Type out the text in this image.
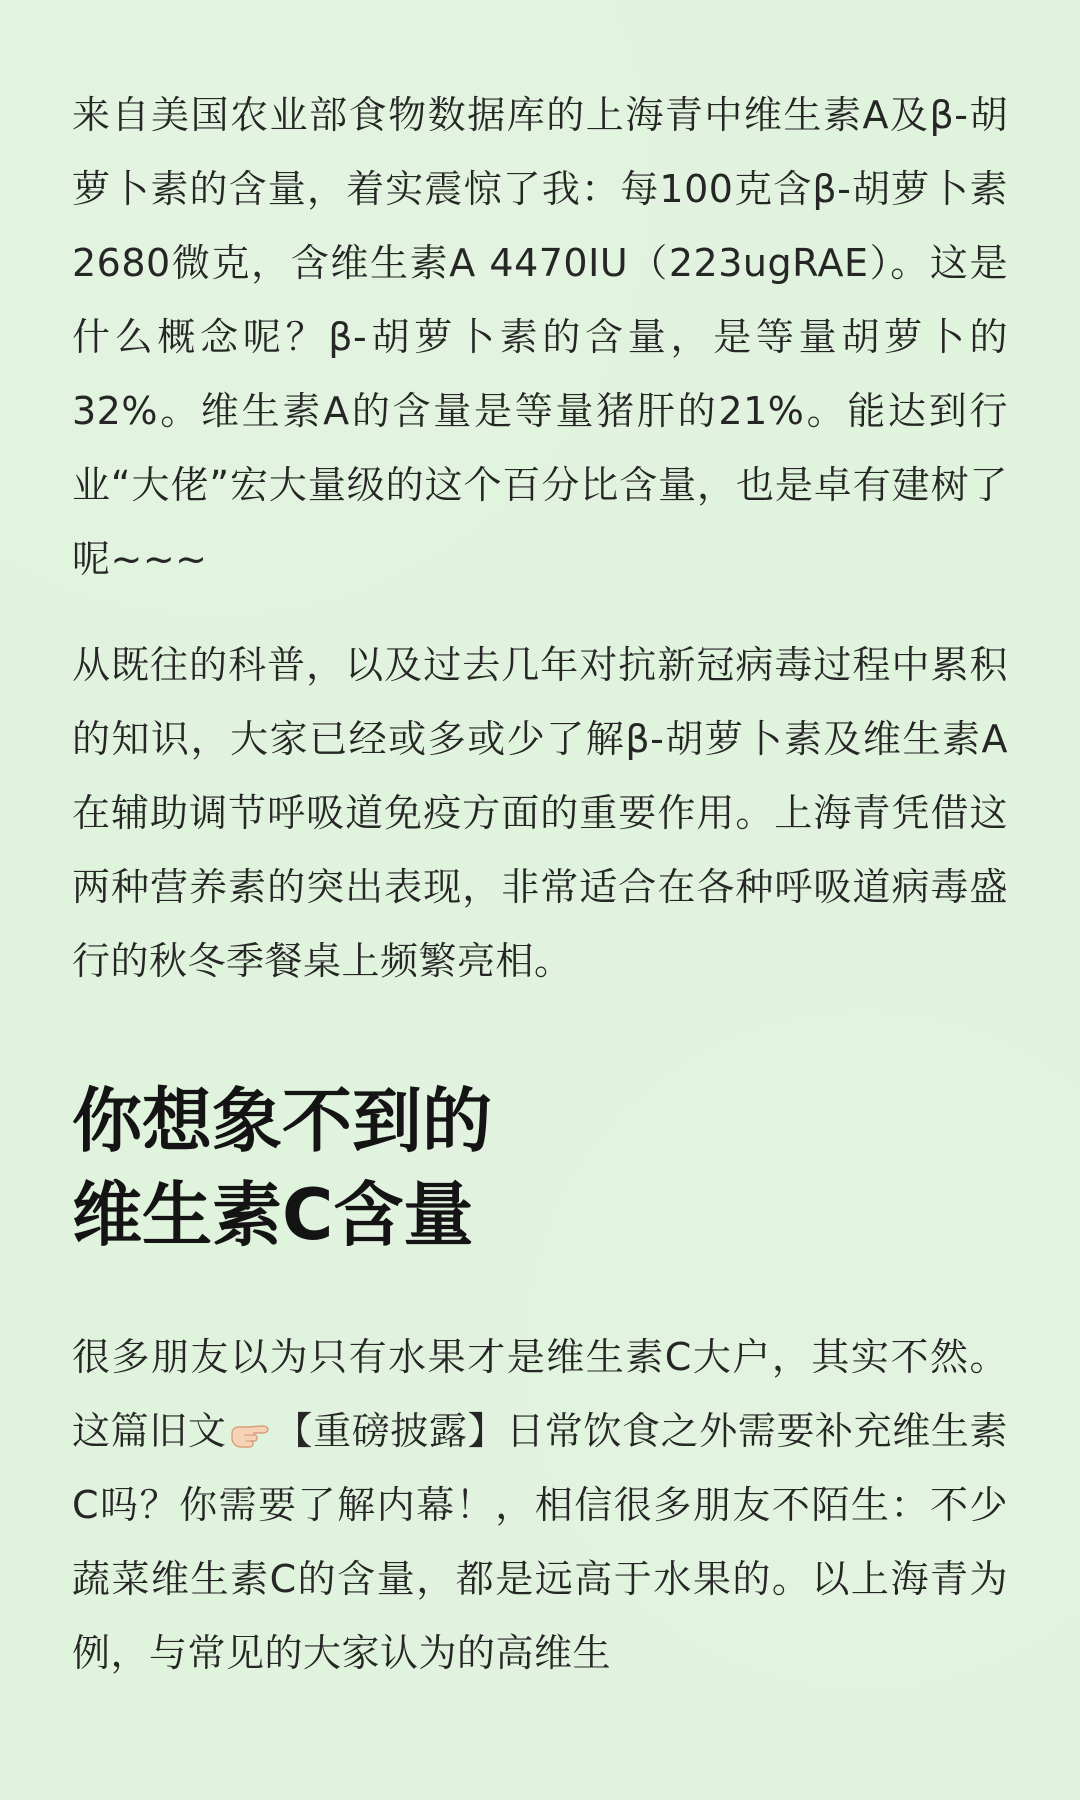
来自美国农业部食物数据库的上海青中维生素A及β-胡萝卜素的含量，着实震惊了我：每100克含β-胡萝卜素2680微克，含维生素A 4470IU（223ugRAE）。这是什么概念呢？β-胡萝卜素的含量，是等量胡萝卜的32%。维生素A的含量是等量猪肝的21%。能达到行业“大佬”宏大量级的这个百分比含量，也是卓有建树了呢~~~

从既往的科普，以及过去几年对抗新冠病毒过程中累积的知识，大家已经或多或少了解β-胡萝卜素及维生素A在辅助调节呼吸道免疫方面的重要作用。上海青凭借这两种营养素的突出表现，非常适合在各种呼吸道病毒盛行的秋冬季餐桌上频繁亮相。

你想象不到的
维生素C含量

很多朋友以为只有水果才是维生素C大户，其实不然。这篇旧文 【重磅披露】日常饮食之外需要补充维生素C吗？你需要了解内幕！，相信很多朋友不陌生：不少蔬菜维生素C的含量，都是远高于水果的。以上海青为例，与常见的大家认为的高维生
